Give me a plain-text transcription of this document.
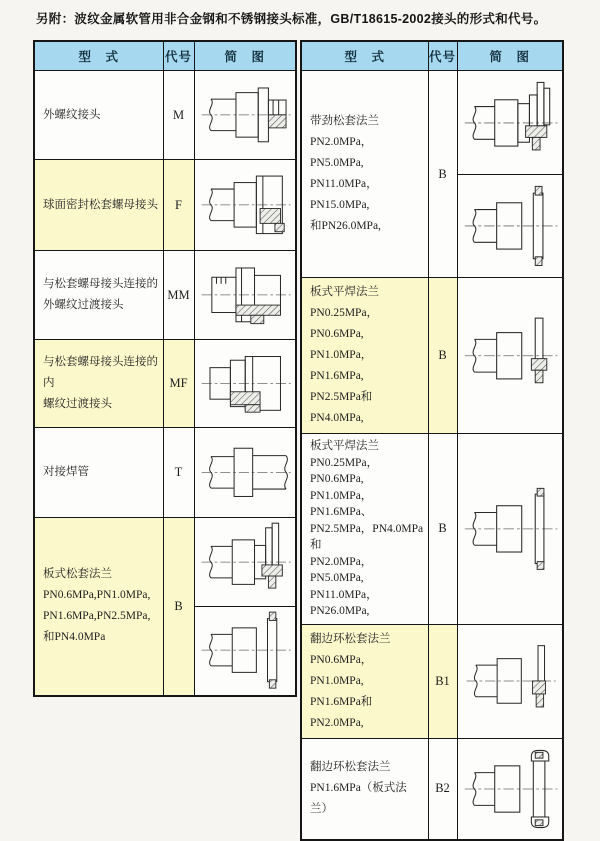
另附：波纹金属软管用非合金钢和不锈钢接头标准，GB/T18615-2002接头的形式和代号。
型　式	代号	简　图
外螺纹接头	M	

球面密封松套螺母接头	F	

与松套螺母接头连接的
外螺纹过渡接头	MM	

与松套螺母接头连接的内
螺纹过渡接头	MF	

对接焊管	T	

板式松套法兰
PN0.6MPa,PN1.0MPa,
PN1.6MPa,PN2.5MPa,
和PN4.0MPa	B	
型　式	代号	简　图
带劲松套法兰
PN2.0MPa，PN5.0MPa,
PN11.0MPa，PN15.0MPa,
和PN26.0MPa,	B	

板式平焊法兰
PN0.25MPa，PN0.6MPa,
PN1.0MPa，PN1.6MPa,
PN2.5MPa和PN4.0MPa,	B	

板式平焊法兰
PN0.25MPa，PN0.6MPa,
PN1.0MPa，PN1.6MPa、
PN2.5MPa，PN4.0MPa和
PN2.0MPa，PN5.0MPa,
PN11.0MPa，PN26.0MPa,	B	

翻边环松套法兰
PN0.6MPa，PN1.0MPa,
PN1.6MPa和PN2.0MPa,	B1	

翻边环松套法兰
PN1.6MPa（板式法兰）	B2	
